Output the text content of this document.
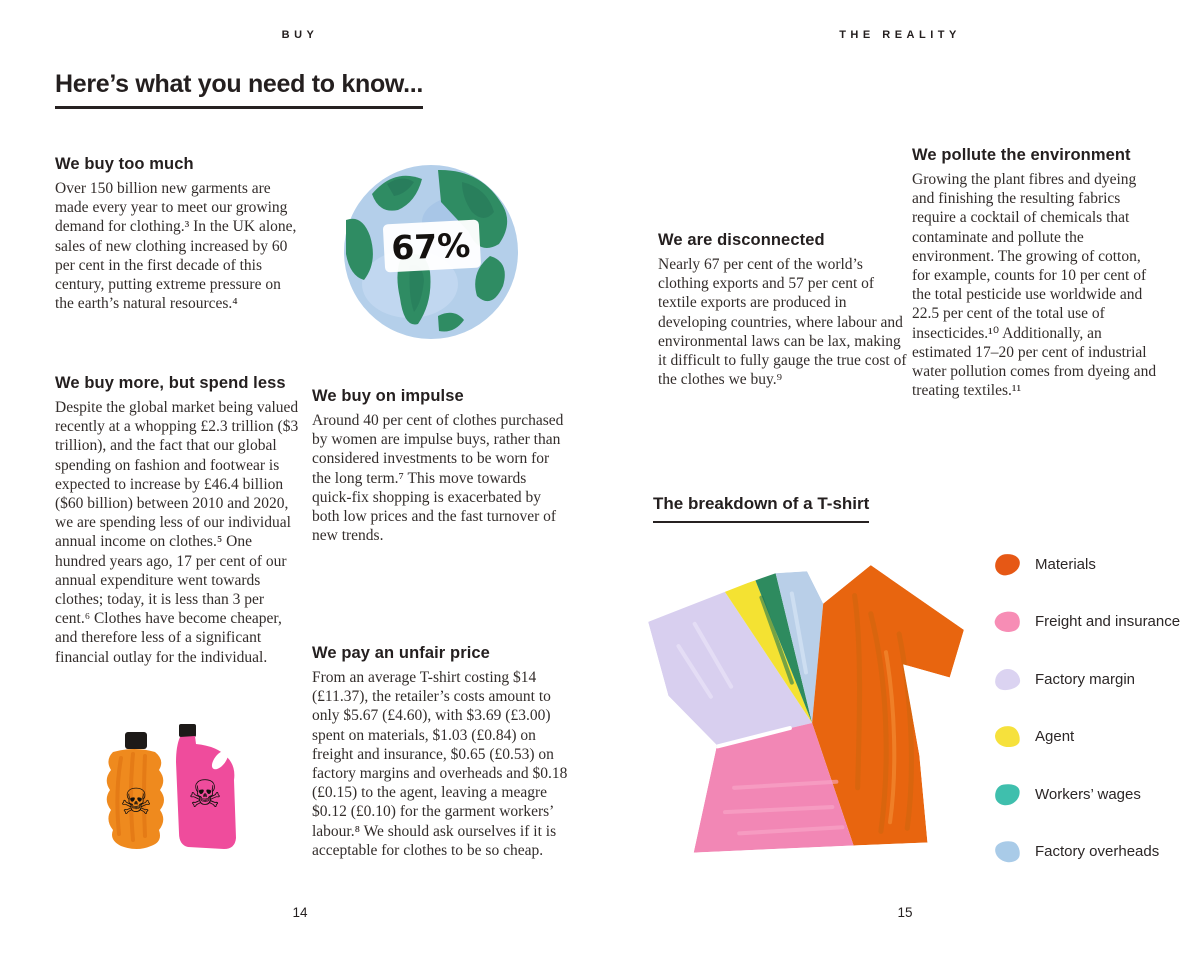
BUY	THE REALITY
Here’s what you need to know...
We buy too much

Over 150 billion new garments are made every year to meet our growing demand for clothing.³ In the UK alone, sales of new clothing increased by 60 per cent in the first decade of this century, putting extreme pressure on the earth’s natural resources.⁴

We buy more, but spend less

Despite the global market being valued recently at a whopping £2.3 trillion ($3 trillion), and the fact that our global spending on fashion and footwear is expected to increase by £46.4 billion ($60 billion) between 2010 and 2020, we are spending less of our individual annual income on clothes.⁵ One hundred years ago, 17 per cent of our annual expenditure went towards clothes; today, it is less than 3 per cent.⁶ Clothes have become cheaper, and therefore less of a significant financial outlay for the individual.

We buy on impulse

Around 40 per cent of clothes purchased by women are impulse buys, rather than considered investments to be worn for the long term.⁷ This move towards quick-fix shopping is exacerbated by both low prices and the fast turnover of new trends.

We pay an unfair price

From an average T-shirt costing $14 (£11.37), the retailer’s costs amount to only $5.67 (£4.60), with $3.69 (£3.00) spent on materials, $1.03 (£0.84) on freight and insurance, $0.65 (£0.53) on factory margins and overheads and $0.18 (£0.15) to the agent, leaving a meagre $0.12 (£0.10) for the garment workers’ labour.⁸ We should ask ourselves if it is acceptable for clothes to be so cheap.

We are disconnected

Nearly 67 per cent of the world’s clothing exports and 57 per cent of textile exports are produced in developing countries, where labour and environmental laws can be lax, making it difficult to fully gauge the true cost of the clothes we buy.⁹

We pollute the environment

Growing the plant fibres and dyeing and finishing the resulting fabrics require a cocktail of chemicals that contaminate and pollute the environment. The growing of cotton, for example, counts for 10 per cent of the total pesticide use worldwide and 22.5 per cent of the total use of insecticides.¹⁰ Additionally, an estimated 17–20 per cent of industrial water pollution comes from dyeing and treating textiles.¹¹

67%
☠ ☠
The breakdown of a T-shirt
Materials
Freight and insurance
Factory margin
Agent
Workers’ wages
Factory overheads
14	15
